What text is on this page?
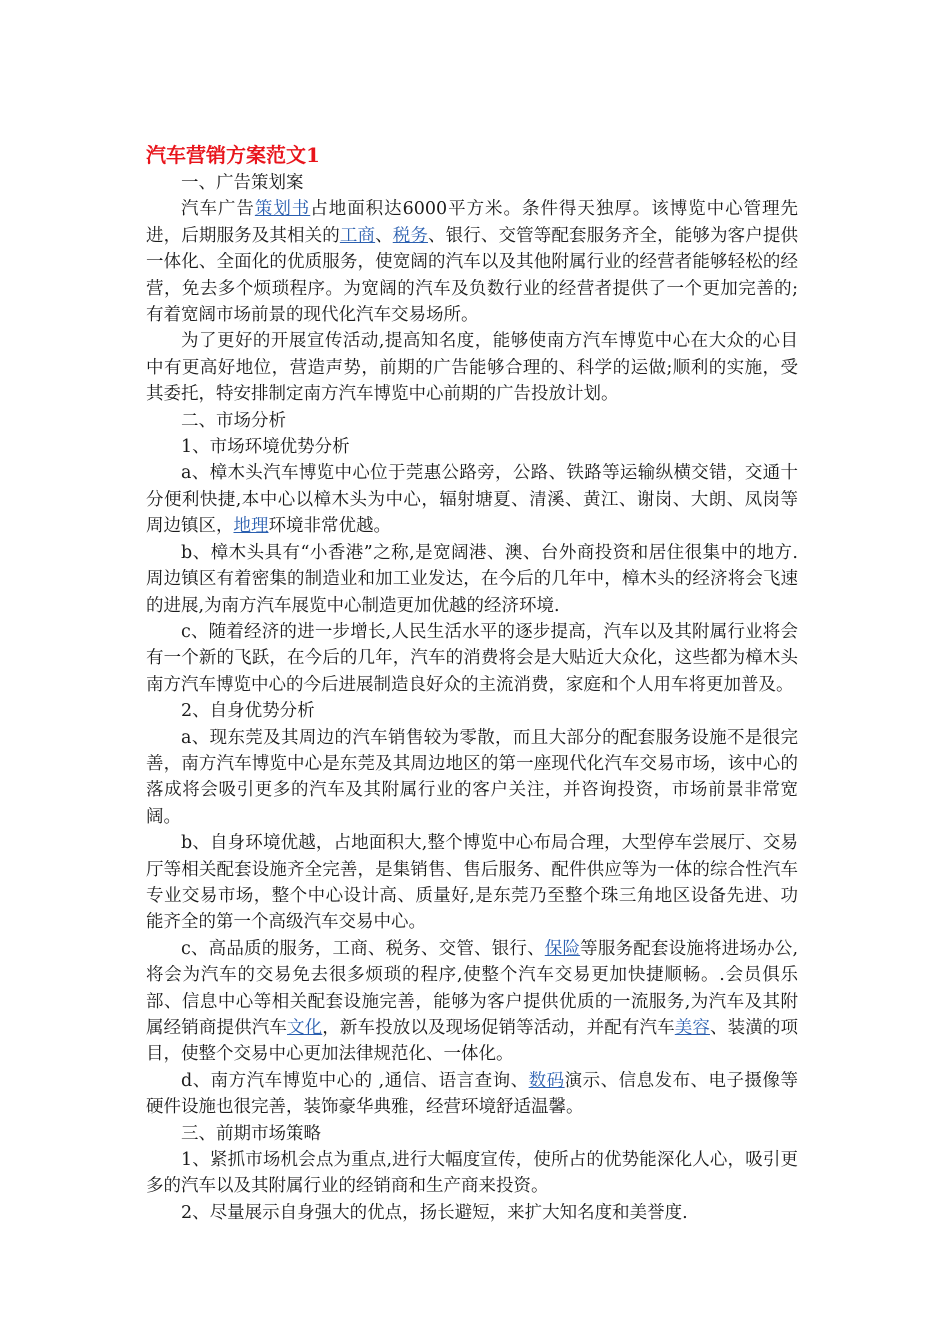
汽车营销方案范文1

一、广告策划案

汽车广告策划书占地面积达6000平方米。条件得天独厚。该博览中心管理先进，后期服务及其相关的工商、税务、银行、交管等配套服务齐全，能够为客户提供一体化、全面化的优质服务，使宽阔的汽车以及其他附属行业的经营者能够轻松的经营，免去多个烦琐程序。为宽阔的汽车及负数行业的经营者提供了一个更加完善的;有着宽阔市场前景的现代化汽车交易场所。

为了更好的开展宣传活动,提高知名度，能够使南方汽车博览中心在大众的心目中有更高好地位，营造声势，前期的广告能够合理的、科学的运做;顺利的实施，受其委托，特安排制定南方汽车博览中心前期的广告投放计划。

二、市场分析

1、市场环境优势分析

a、樟木头汽车博览中心位于莞惠公路旁，公路、铁路等运输纵横交错，交通十分便利快捷,本中心以樟木头为中心，辐射塘夏、清溪、黄江、谢岗、大朗、凤岗等周边镇区，地理环境非常优越。

b、樟木头具有“小香港”之称,是宽阔港、澳、台外商投资和居住很集中的地方.周边镇区有着密集的制造业和加工业发达，在今后的几年中，樟木头的经济将会飞速的进展,为南方汽车展览中心制造更加优越的经济环境.

c、随着经济的进一步增长,人民生活水平的逐步提高，汽车以及其附属行业将会有一个新的飞跃，在今后的几年，汽车的消费将会是大贴近大众化，这些都为樟木头南方汽车博览中心的今后进展制造良好众的主流消费，家庭和个人用车将更加普及。

2、自身优势分析

a、现东莞及其周边的汽车销售较为零散，而且大部分的配套服务设施不是很完善，南方汽车博览中心是东莞及其周边地区的第一座现代化汽车交易市场，该中心的落成将会吸引更多的汽车及其附属行业的客户关注，并咨询投资，市场前景非常宽阔。

b、自身环境优越，占地面积大,整个博览中心布局合理，大型停车尝展厅、交易厅等相关配套设施齐全完善，是集销售、售后服务、配件供应等为一体的综合性汽车专业交易市场，整个中心设计高、质量好,是东莞乃至整个珠三角地区设备先进、功能齐全的第一个高级汽车交易中心。

c、高品质的服务，工商、税务、交管、银行、保险等服务配套设施将进场办公,将会为汽车的交易免去很多烦琐的程序,使整个汽车交易更加快捷顺畅。.会员俱乐部、信息中心等相关配套设施完善，能够为客户提供优质的一流服务,为汽车及其附属经销商提供汽车文化，新车投放以及现场促销等活动，并配有汽车美容、装潢的项目，使整个交易中心更加法律规范化、一体化。

d、南方汽车博览中心的 ,通信、语言查询、数码演示、信息发布、电子摄像等硬件设施也很完善，装饰豪华典雅，经营环境舒适温馨。

三、前期市场策略

1、紧抓市场机会点为重点,进行大幅度宣传，使所占的优势能深化人心，吸引更多的汽车以及其附属行业的经销商和生产商来投资。

2、尽量展示自身强大的优点，扬长避短，来扩大知名度和美誉度.
